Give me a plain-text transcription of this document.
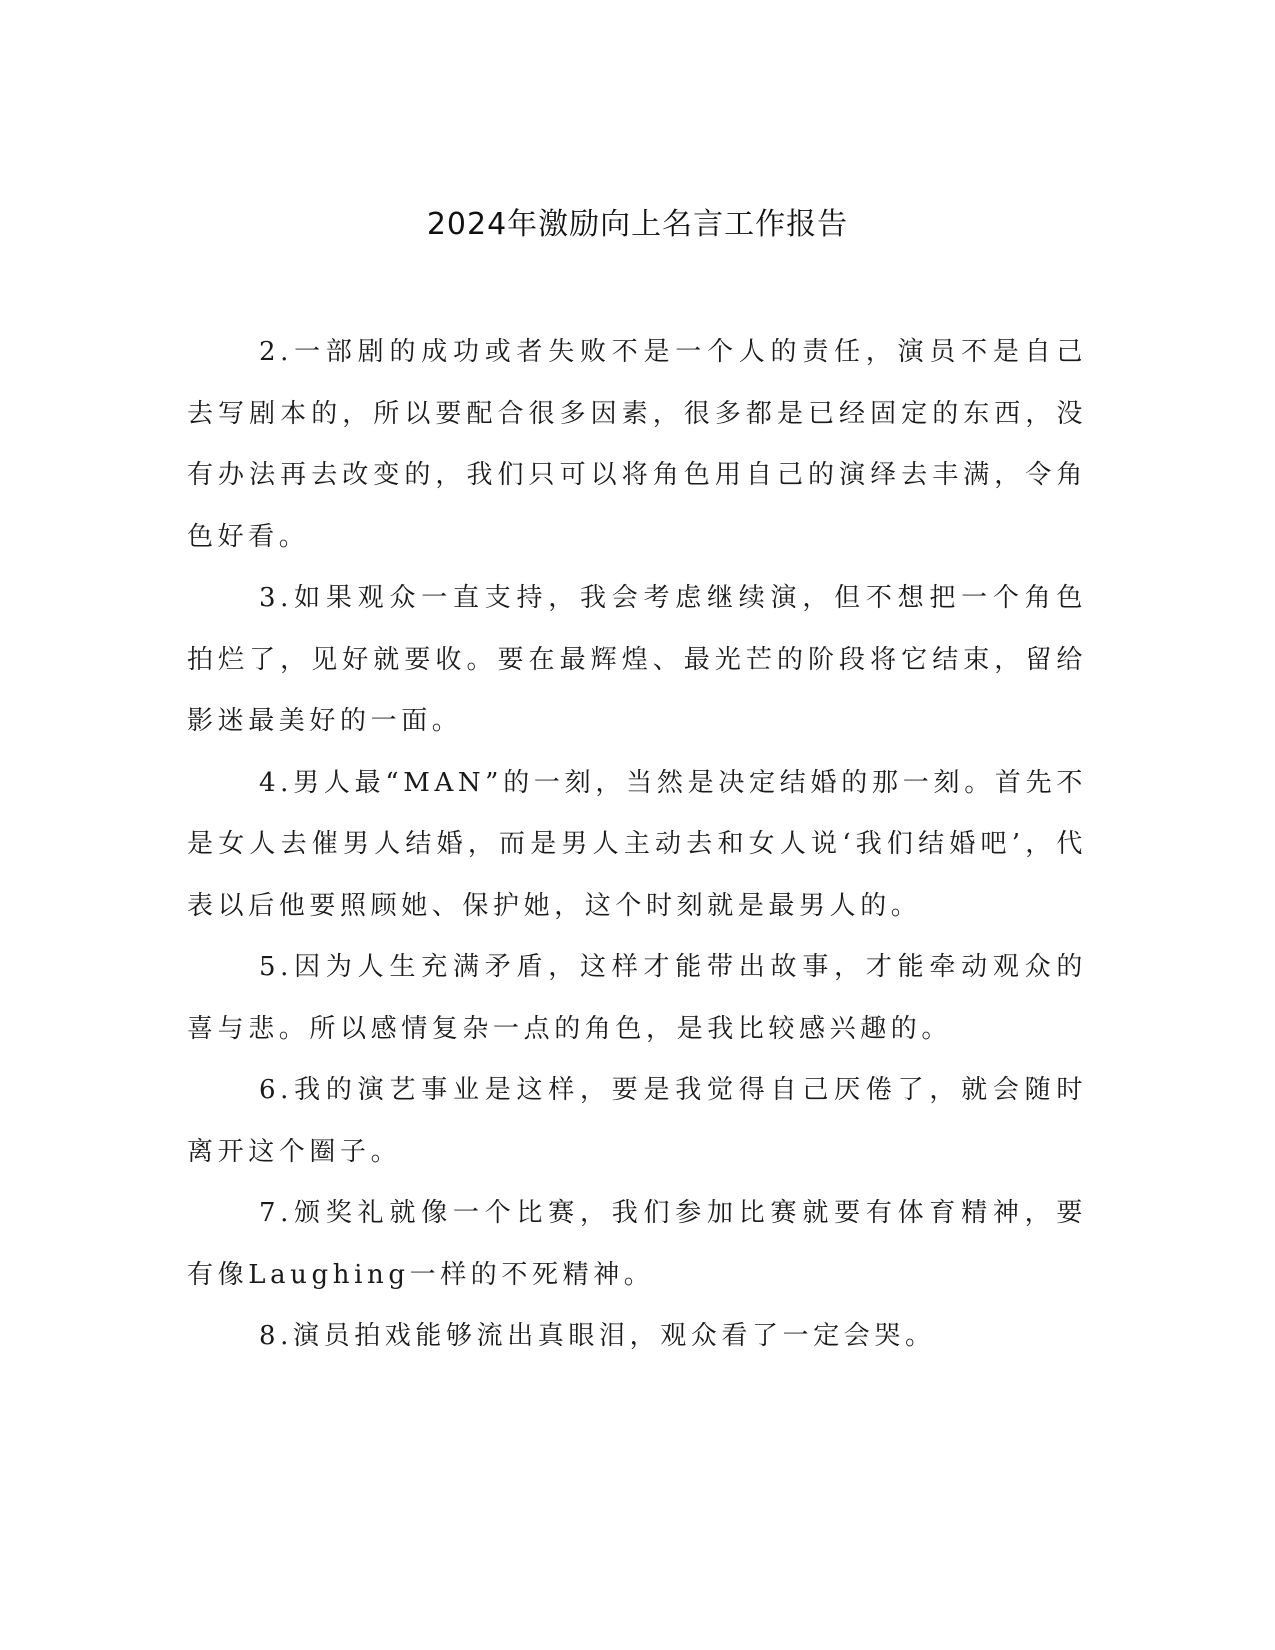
2024年激励向上名言工作报告

2.一部剧的成功或者失败不是一个人的责任，演员不是自己去写剧本的，所以要配合很多因素，很多都是已经固定的东西，没有办法再去改变的，我们只可以将角色用自己的演绎去丰满，令角色好看。

3.如果观众一直支持，我会考虑继续演，但不想把一个角色拍烂了，见好就要收。要在最辉煌、最光芒的阶段将它结束，留给影迷最美好的一面。

4.男人最“MAN”的一刻，当然是决定结婚的那一刻。首先不是女人去催男人结婚，而是男人主动去和女人说‘我们结婚吧’，代表以后他要照顾她、保护她，这个时刻就是最男人的。

5.因为人生充满矛盾，这样才能带出故事，才能牵动观众的喜与悲。所以感情复杂一点的角色，是我比较感兴趣的。

6.我的演艺事业是这样，要是我觉得自己厌倦了，就会随时离开这个圈子。

7.颁奖礼就像一个比赛，我们参加比赛就要有体育精神，要有像Laughing一样的不死精神。

8.演员拍戏能够流出真眼泪，观众看了一定会哭。
